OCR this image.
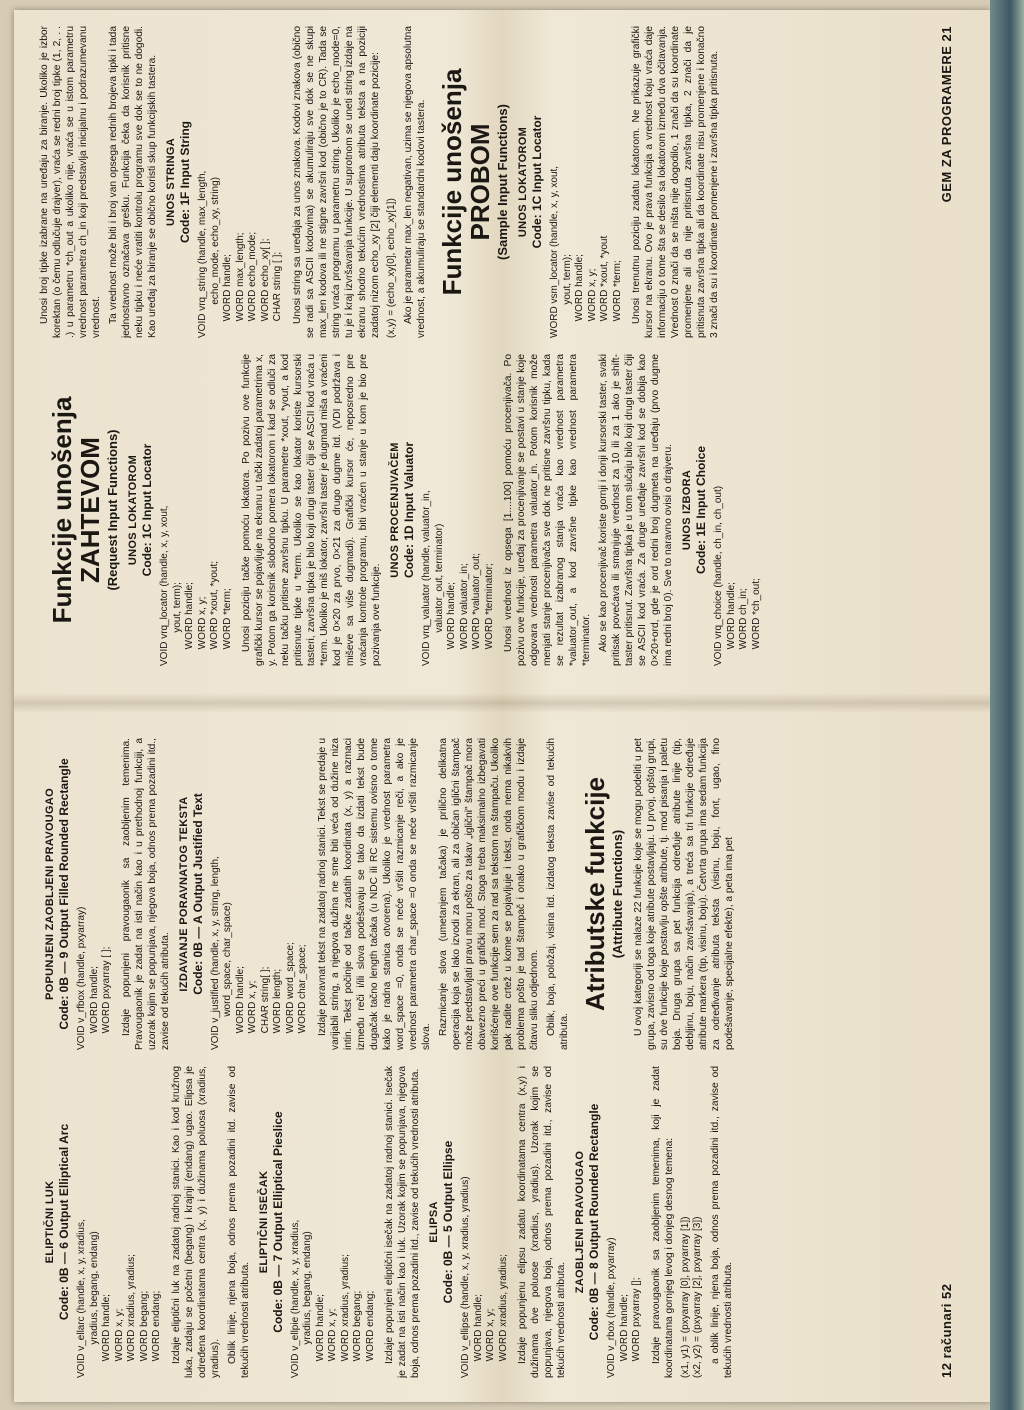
Funkcije unošenja ZAHTEVOM (Request Input Functions) UNOS LOKATOROM Code: 1C Input Locator VOID vrq_locator (handle, x, y, xout, yout, term); WORD handle; WORD x, y; WORD *xout, *yout; WORD *term; Unosi poziciju tačke pomoću lokatora. Po pozivu ove funkcije grafički kursor se pojavljuje na ekranu u tački zadatoj parametrima x, y. Potom ga korisnik slobodno pomera lokatorom i kad se odluči za neku tačku pritisne završnu tipku. U parametre *xout, *yout, a kod pritisnute tipke u *term. Ukoliko se kao lokator koriste kursorski tasteri, završna tipka je bilo koji drugi taster čiji se ASCII kod vraća u *term. Ukoliko je miš lokator, završni taster je dugmad miša a vraćeni kod je 0×20 za prvo, 0×21 za drugo dugme itd. (VDI podržava i miševe sa više dugmadi). Grafički kursor će, neposredno pre vraćanja kontrole programu, biti vraćen u stanje u kom je bio pre pozivanja ove funkcije.

UNOS PROCENJIVAČEM Code: 1D Input Valuator VOID vrq_valuator (handle, valuator_in, valuator_out, terminator) WORD handle; WORD valuator_in; WORD *valuator_out; WORD *terminator; Unosi vrednost iz opsega [1....100] pomoću procenjivača. Po pozivu ove funkcije, uređaj za procenjivanje se postavi u stanje koje odgovara vrednosti parametra valuator_in. Potom korisnik može menjati stanje procenjivača sve dok ne pritisne završnu tipku, kada se rezultat izabranog stanja vraća kao vrednost parametra *valuator_out, a kod završne tipke kao vrednost parametra *terminator. Ako se kao procenjivač koriste gornji i donji kursorski taster, svaki pritisak povećava ili smanjuje vrednost za 10 ili za 1 ako je shift-taster pritisnut. Završna tipka je u tom slučaju bilo koji drugi taster čiji se ASCII kod vraća. Za druge uređaje završni kod se dobija kao 0×20+ord, gde je ord redni broj dugmeta na uređaju (prvo dugme ima redni broj 0). Sve to naravno ovisi o drajveru. UNOS IZBORA Code: 1E Input Choice VOID vrq_choice (handle, ch_in, ch_out) WORD handle; WORD ch_in; WORD *ch_out;

Unosi broj tipke izabrane na uređaju za biranje. Ukoliko je izbor korektan (o čemu odlučuje drajver), vraća se redni broj tipke (1, 2, . . .) u parametru *ch_out a ukoliko nije, vraća se u istom parametru vrednost parametra ch_in koji predstavlja inicijalnu i podrazumevanu vrednost. Ta vrednost može biti i broj van opsega rednih brojeva tipki i tada jednostavno označava grešku. Funkcija čeka da korisnik pritisne neku tipku i neće vratiti kontrolu programu sve dok se to ne dogodi. Kao uređaj za biranje se obično koristi skup funkcijskih tastera. UNOS STRINGA Code: 1F Input String VOID vrq_string (handle, max_length, echo_mode, echo_xy, string) WORD handle; WORD max_length; WORD echo_mode; WORD echo_xy[ ]; CHAR string [ ]; Unosi string sa uređaja za unos znakova. Kodovi znakova (obično se radi sa ASCII kodovima) se akumuliraju sve dok se ne skupi max_len kodova ili ne stigne završni kod (obično je to CR). Tada se string vraća programu u parametru string. Ukoliko je echo_mode=0, tu je i kraj izvršavanja funkcije. U suprotnom se uneti string izdaje na ekranu shodno tekućim vrednostima atributa teksta a na poziciji zadatoj nizom echo_xy [2] čiji elementi daju koordinate pozicije: (x,y) = (echo_xy[0], echo_xy[1]) Ako je parametar max_len negativan, uzima se njegova apsolutna vrednost, a akumuliraju se standardni kodovi tastera. Funkcije unošenja PROBOM (Sample Input Functions) UNOS LOKATOROM Code: 1C Input Locator WORD vsm_locator (handle, x, y, xout, yout, term); WORD handle; WORD x, y; WORD *xout, *yout WORD *term; Unosi trenutnu poziciju zadatu lokatorom. Ne prikazuje grafički kursor na ekranu. Ovo je prava funkcija a vrednost koju vraća daje informaciju o tome šta se desilo sa lokatorom između dva očitavanja. Vrednost 0 znači da se ništa nije dogodilo, 1 znači da su koordinate promenjene ali da nije pritisnuta završna tipka, 2 znači da je pritisnuta završna tipka ali da koordinate nisu promenjene i konačno 3 znači da su i koordinate promenjene i završna tipka pritisnuta.	GEM ZA PROGRAMERE 21
ELIPTIČNI LUK Code: 0B — 6 Output Elliptical Arc VOID v_ellarc (handle, x, y, xradius, yradius, begang, endang) WORD handle; WORD x, y; WORD xradius, yradius; WORD begang; WORD endang; Izdaje eliptični luk na zadatoj radnoj stanici. Kao i kod kružnog luka, zadaju se početni (begang) i krajnji (endang) ugao. Elipsa je određena koordinatama centra (x, y) i dužinama poluosa (xradius, yradius). Oblik linije, njena boja, odnos prema pozadini itd. zavise od tekućih vrednosti atributa.

ELIPTIČNI ISEČAK Code: 0B — 7 Output Elliptical Pieslice VOID v_ellpie (handle, x, y, xradius, yradius, begang, endang) WORD handle; WORD x, y; WORD xradius, yradius; WORD begang; WORD endang; Izdaje popunjeni eliptični isečak na zadatoj radnoj stanici. Isečak je zadat na isti način kao i luk. Uzorak kojim se popunjava, njegova boja, odnos prema pozadini itd., zavise od tekućih vrednosti atributa. ELIPSA Code: 0B — 5 Output Ellipse VOID v_ellipse (handle, x, y, xradius, yradius) WORD handle; WORD x, y; WORD xradius, yradius; Izdaje popunjenu elipsu zadatu koordinatama centra (x,y) i dužinama dve poluose (xradius, yradius). Uzorak kojim se popunjava, njegova boja, odnos prema pozadini itd., zavise od tekućih vrednosti atributa.

ZAOBLJENI PRAVOUGAO Code: 0B — 8 Output Rounded Rectangle VOID v_rbox (handle, pxyarray) WORD handle; WORD pxyarray []; Izdaje pravougaonik sa zaobljenim temenima, koji je zadat koordinatama gornjeg levog i donjeg desnog temena: (x1, y1) = (pxyarray [0], pxyarray [1]) (x2, y2) = (pxyarray [2], pxyarray [3]) a oblik linije, njena boja, odnos prema pozadini itd., zavise od tekućih vrednosti atributa.

POPUNJENI ZAOBLJENI PRAVOUGAO Code: 0B — 9 Output Filled Rounded Rectangle VOID v_rfbox (handle, pxyarray) WORD handle; WORD pxyarray [ ]; Izdaje popunjeni pravougaonik sa zaobljenim temenima. Pravougaonik je zadat na isti način kao i u prethodnoj funkciji, a uzorak kojim se popunjava, njegova boja, odnos prema pozadini itd., zavise od tekućih atributa. IZDAVANJE PORAVNATOG TEKSTA Code: 0B — A Output Justified Text VOID v_justified (handle, x, y, string, length, word_space, char_space) WORD handle; WORD x, y; CHAR string[ ]; WORD length; WORD word_space; WORD char_space; Izdaje poravnat tekst na zadatoj radnoj stanici. Tekst se predaje u varijabli string, a njegova dužina ne sme biti veća od dužine niza intin. Tekst počinje od tačke zadatih koordinata (x, y) a razmaci između reči i/ili slova podešavaju se tako da izdati tekst bude dugačak tačno length tačaka (u NDC ili RC sistemu ovisno o tome kako je radna stanica otvorena). Ukoliko je vrednost parametra word_space =0, onda se neće vršiti razmicanje reči, a ako je vrednost parametra char_space =0 onda se neće vršiti razmicanje slova.

Razmicanje slova (umetanjem tačaka) je prilično delikatna operacija koja se lako izvodi za ekran, ali za običan iglični štampač može predstavljati pravu moru pošto za takav „iglični" štampač mora obavezno preći u grafički mod. Stoga treba maksimalno izbegavati korišćenje ove funkcije sem za rad sa tekstom na štampaču. Ukoliko pak radite crtež u kome se pojavljuje i tekst, onda nema nikakvih problema pošto je tad štampač i onako u grafičkom modu i izdaje čitavu sliku odjednom. Oblik, boja, položaj, visina itd. izdatog teksta zavise od tekućih atributa.

Atributske funkcije (Attribute Functions) U ovoj kategoriji se nalaze 22 funkcije koje se mogu podeliti u pet grupa, zavisno od toga koje atribute postavljaju. U prvoj, opštoj grupi, su dve funkcije koje postavlju opšte atribute, tj. mod pisanja i paletu boja. Druga grupa sa pet funkcija određuje atribute linije (tip, debljinu, boju, način završavanja), a treća sa tri funkcije određuje atribute markera (tip, visinu, boju). Četvrta grupa ima sedam funkcija za određivanje atributa teksta (visinu, boju, font, ugao, fino podešavanje, specijalne efekte), a peta ima pet

12 računari 52
